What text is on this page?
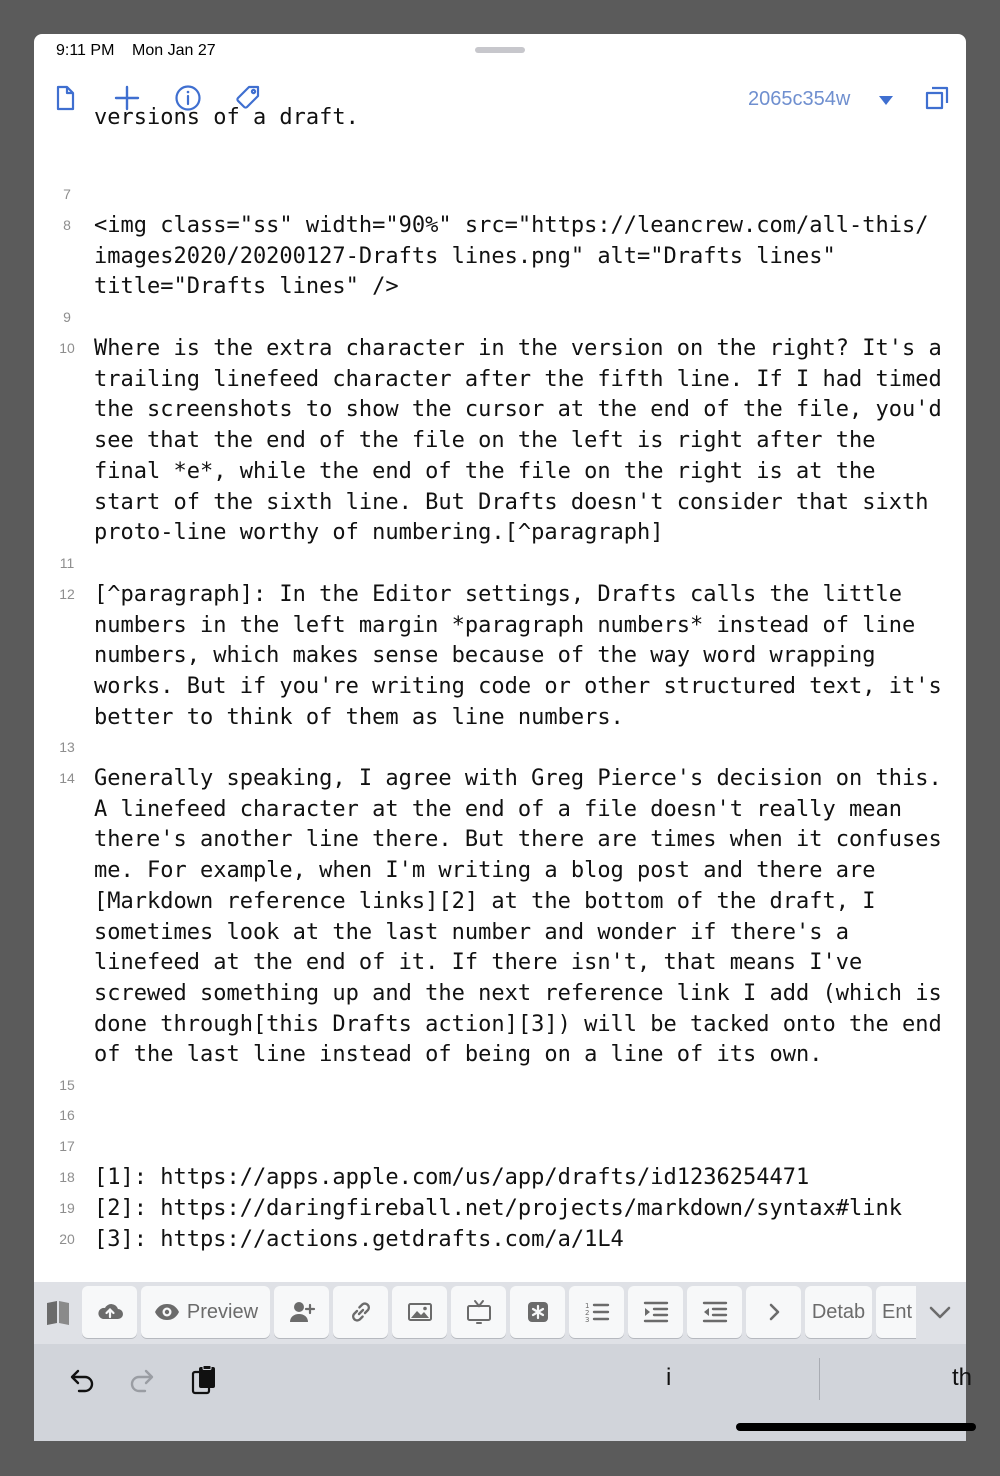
9:11 PM Mon Jan 27
2065c354w
versions of a draft.
7
8	<img class="ss" width="90%" src="https://leancrew.com/all-this/
images2020/20200127-Drafts lines.png" alt="Drafts lines"
title="Drafts lines" />
9
10 Where is the extra character in the version on the right? It's a
trailing linefeed character after the fifth line. If I had timed
the screenshots to show the cursor at the end of the file, you'd
see that the end of the file on the left is right after the
final *e*, while the end of the file on the right is at the
start of the sixth line. But Drafts doesn't consider that sixth
proto-line worthy of numbering.[^paragraph]
11
12 [^paragraph]: In the Editor settings, Drafts calls the little
numbers in the left margin *paragraph numbers* instead of line
numbers, which makes sense because of the way word wrapping
works. But if you're writing code or other structured text, it's
better to think of them as line numbers.
13
14 Generally speaking, I agree with Greg Pierce's decision on this.
A linefeed character at the end of a file doesn't really mean
there's another line there. But there are times when it confuses
me. For example, when I'm writing a blog post and there are
[Markdown reference links][2] at the bottom of the draft, I
sometimes look at the last number and wonder if there's a
linefeed at the end of it. If there isn't, that means I've
screwed something up and the next reference link I add (which is
done through[this Drafts action][3]) will be tacked onto the end
of the last line instead of being on a line of its own.
15
16
17
18 [1]: https://apps.apple.com/us/app/drafts/id1236254471
19 [2]: https://daringfireball.net/projects/markdown/syntax#link
20 [3]: https://actions.getdrafts.com/a/1L4
Preview	1
2
3	Detab Ent
i	th
